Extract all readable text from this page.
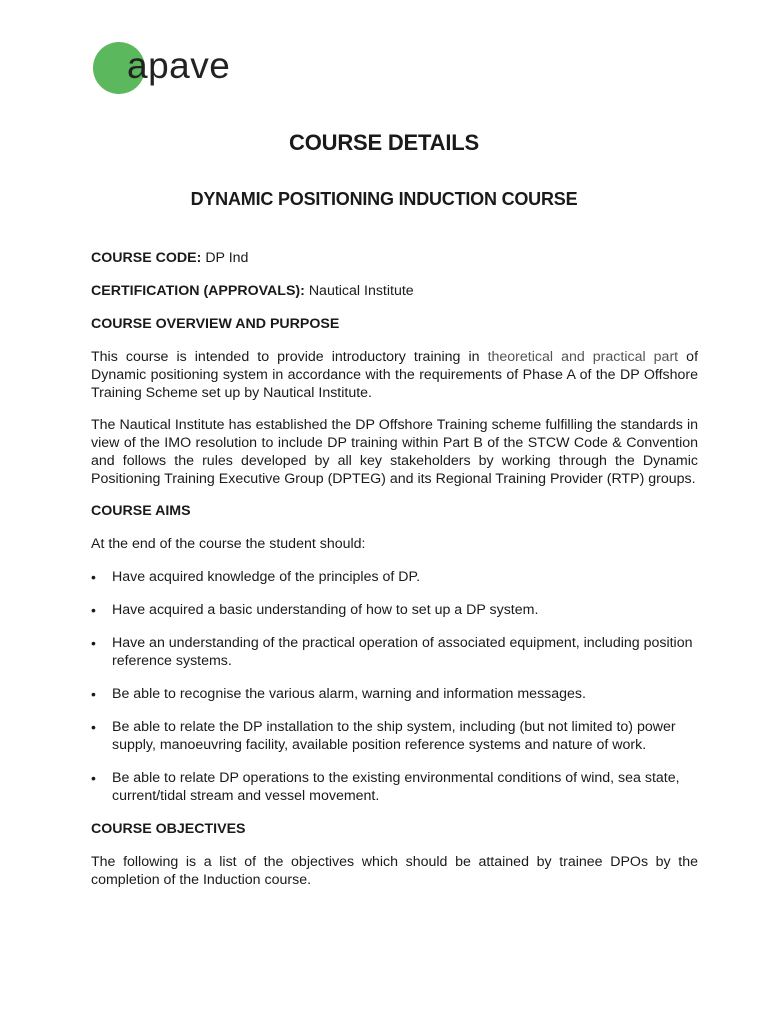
apave
COURSE DETAILS
DYNAMIC POSITIONING INDUCTION COURSE
COURSE CODE: DP Ind
CERTIFICATION (APPROVALS): Nautical Institute
COURSE OVERVIEW AND PURPOSE
This course is intended to provide introductory training in theoretical and practical part of Dynamic positioning system in accordance with the requirements of Phase A of the DP Offshore Training Scheme set up by Nautical Institute.
The Nautical Institute has established the DP Offshore Training scheme fulfilling the standards in view of the IMO resolution to include DP training within Part B of the STCW Code & Convention and follows the rules developed by all key stakeholders by working through the Dynamic Positioning Training Executive Group (DPTEG) and its Regional Training Provider (RTP) groups.
COURSE AIMS
At the end of the course the student should:
• Have acquired knowledge of the principles of DP.
• Have acquired a basic understanding of how to set up a DP system.
• Have an understanding of the practical operation of associated equipment, including position reference systems.
• Be able to recognise the various alarm, warning and information messages.
• Be able to relate the DP installation to the ship system, including (but not limited to) power supply, manoeuvring facility, available position reference systems and nature of work.
• Be able to relate DP operations to the existing environmental conditions of wind, sea state, current/tidal stream and vessel movement.
COURSE OBJECTIVES
The following is a list of the objectives which should be attained by trainee DPOs by the completion of the Induction course.
